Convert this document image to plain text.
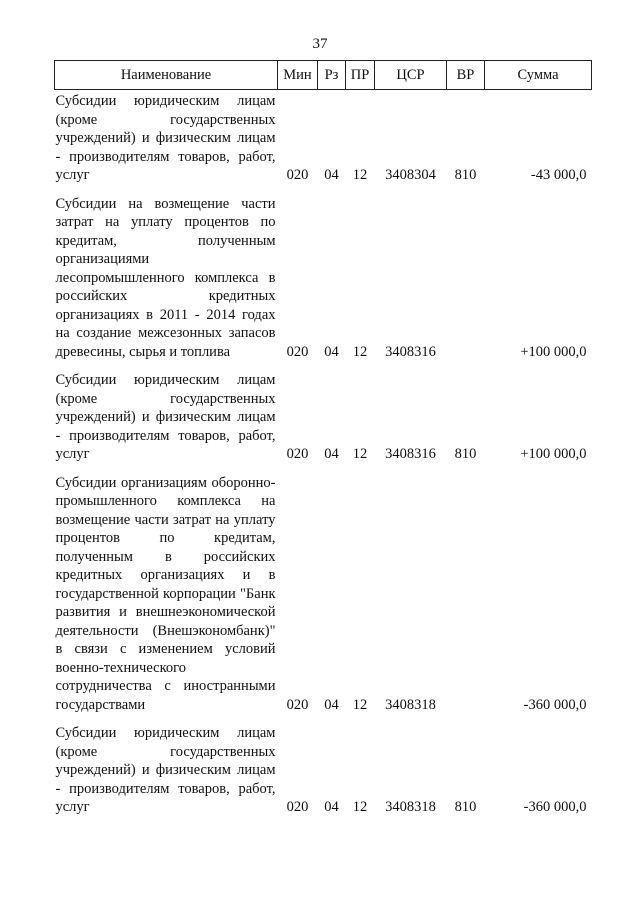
37
Наименование	Мин	Рз	ПР	ЦСР	ВР	Сумма
Субсидии юридическим лицам (кроме государственных учреждений) и физическим лицам - производителям товаров, работ, услуг	020	04	12	3408304	810	-43 000,0
Субсидии на возмещение части затрат на уплату процентов по кредитам, полученным организациями лесопромышленного комплекса в российских кредитных организациях в 2011 - 2014 годах на создание межсезонных запасов древесины, сырья и топлива	020	04	12	3408316		+100 000,0
Субсидии юридическим лицам (кроме государственных учреждений) и физическим лицам - производителям товаров, работ, услуг	020	04	12	3408316	810	+100 000,0
Субсидии организациям оборонно-промышленного комплекса на возмещение части затрат на уплату процентов по кредитам, полученным в российских кредитных организациях и в государственной корпорации "Банк развития и внешнеэкономической деятельности (Внешэкономбанк)" в связи с изменением условий военно-технического сотрудничества с иностранными государствами	020	04	12	3408318		-360 000,0
Субсидии юридическим лицам (кроме государственных учреждений) и физическим лицам - производителям товаров, работ, услуг	020	04	12	3408318	810	-360 000,0
